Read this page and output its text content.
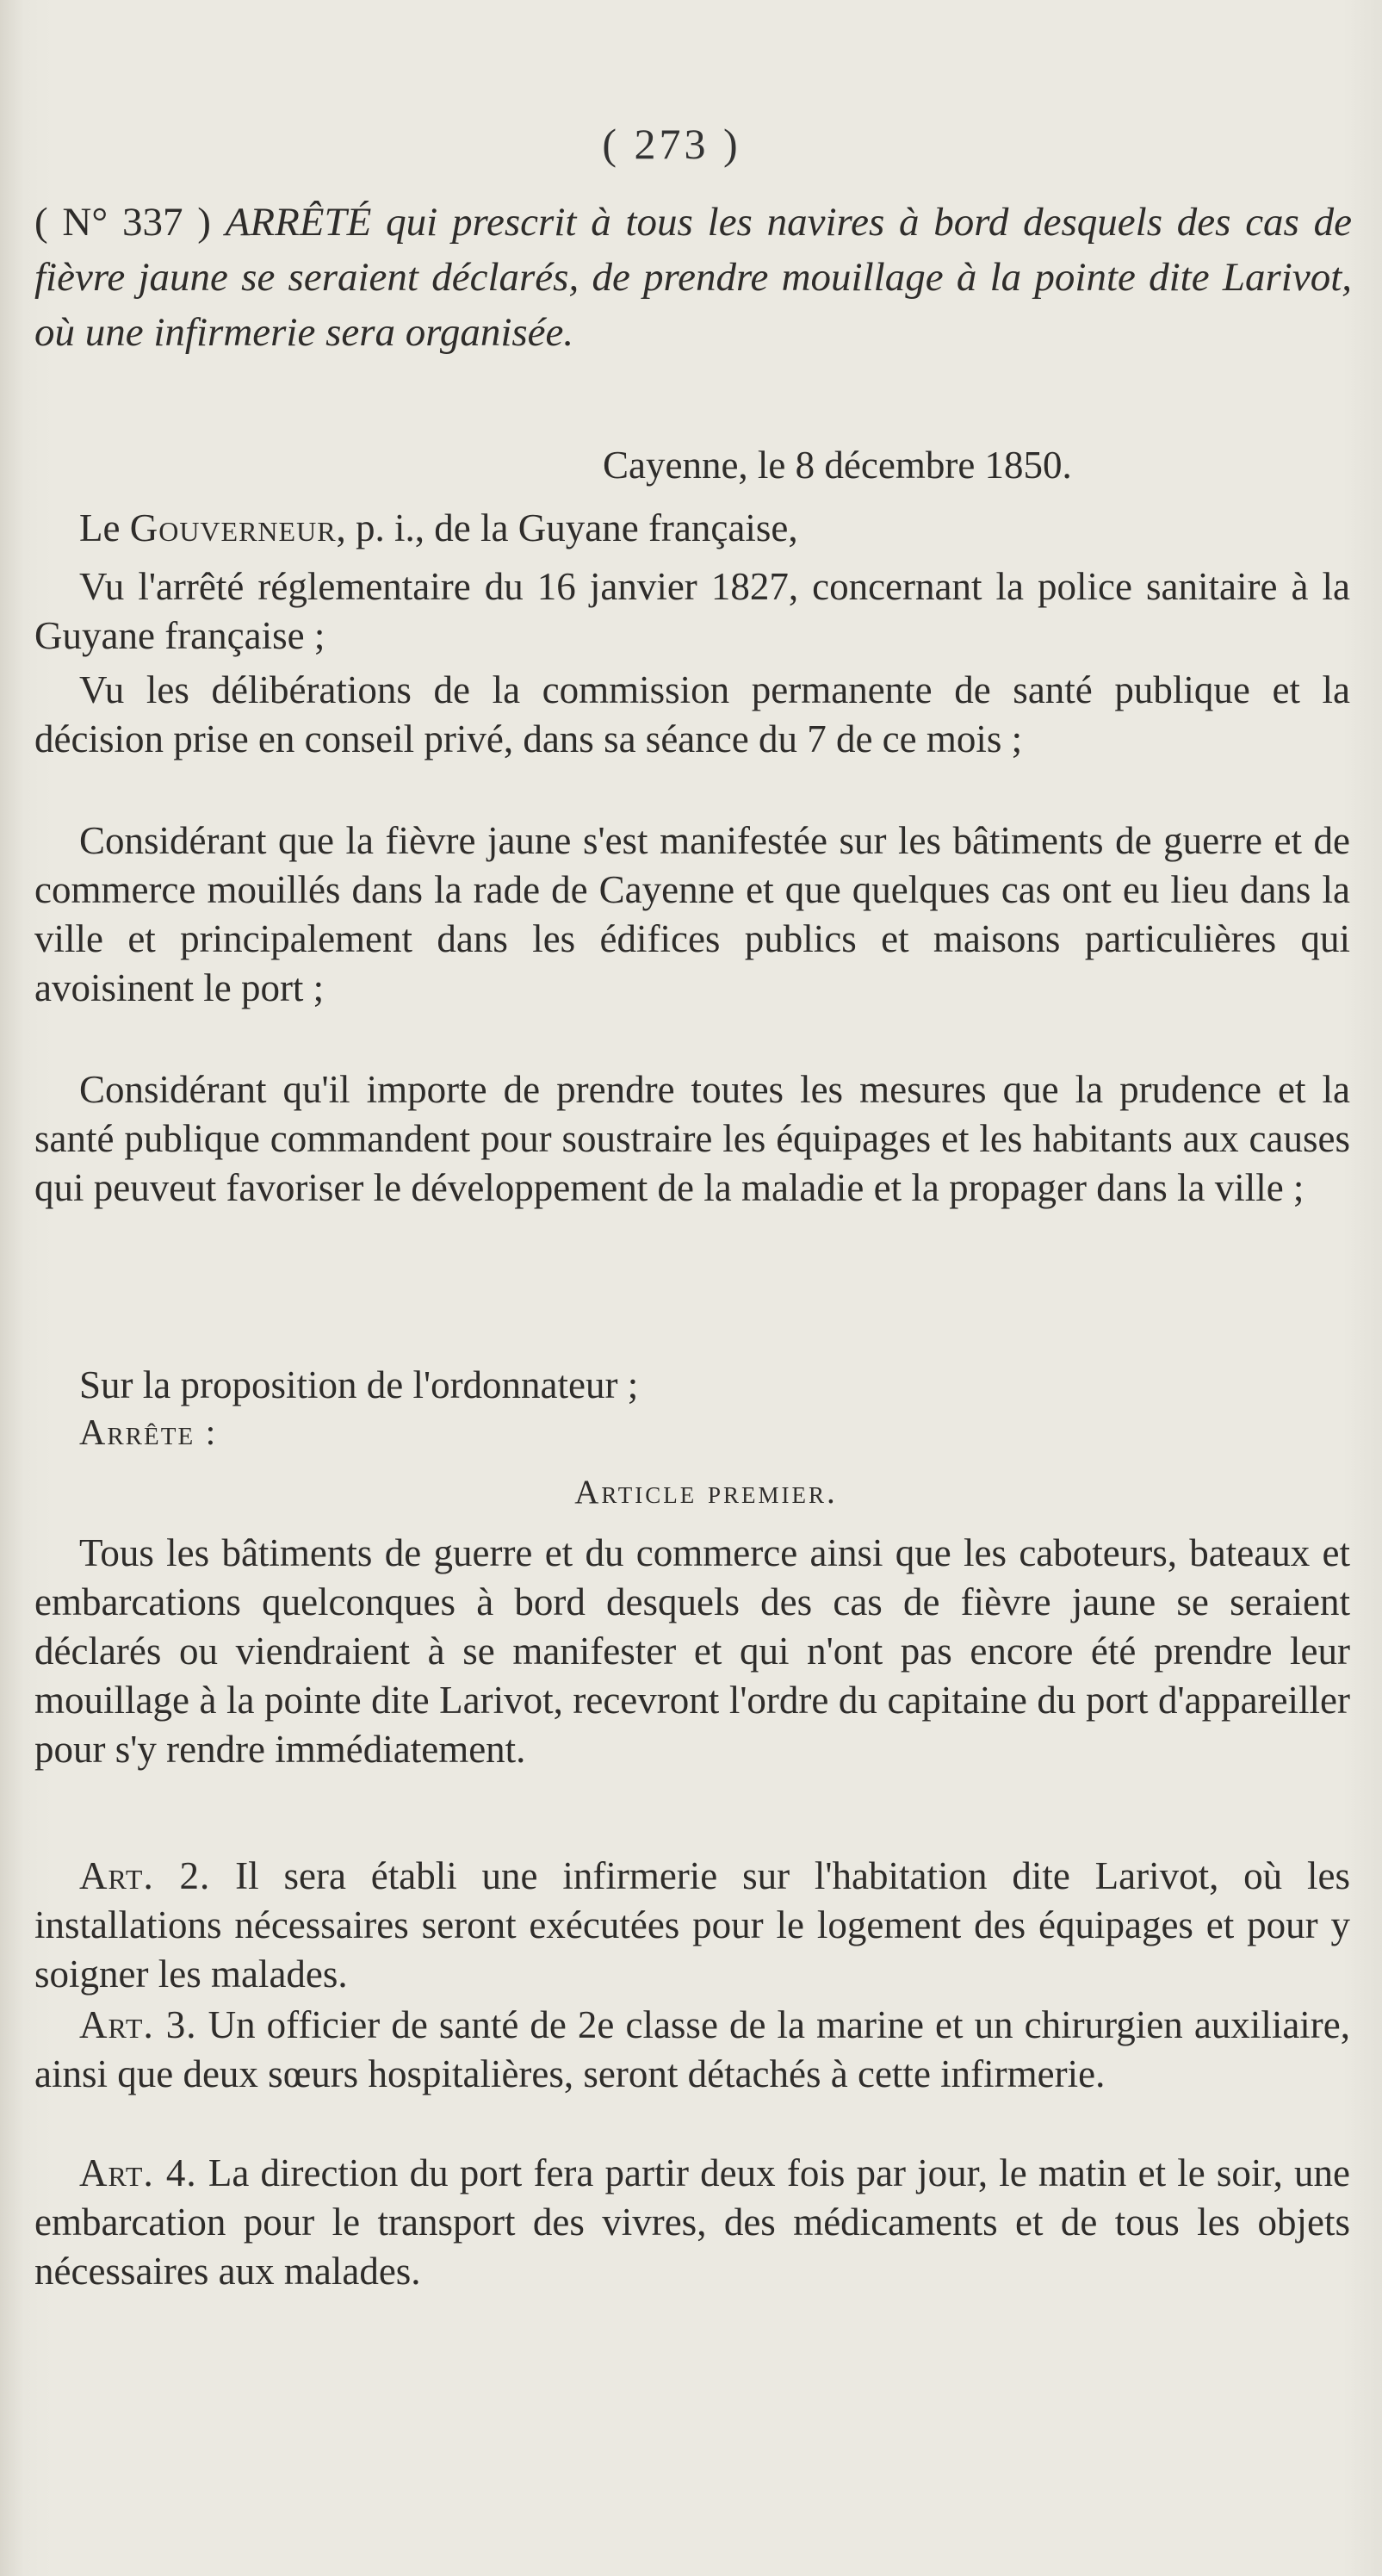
( 273 )
( N° 337 ) ARRÊTÉ qui prescrit à tous les navires à bord desquels des cas de fièvre jaune se seraient déclarés, de prendre mouillage à la pointe dite Larivot, où une infirmerie sera organisée.
Cayenne, le 8 décembre 1850.
Le Gouverneur, p. i., de la Guyane française,
Vu l'arrêté réglementaire du 16 janvier 1827, concernant la police sanitaire à la Guyane française ;
Vu les délibérations de la commission permanente de santé publique et la décision prise en conseil privé, dans sa séance du 7 de ce mois ;
Considérant que la fièvre jaune s'est manifestée sur les bâtiments de guerre et de commerce mouillés dans la rade de Cayenne et que quelques cas ont eu lieu dans la ville et principalement dans les édifices publics et maisons particulières qui avoisinent le port ;
Considérant qu'il importe de prendre toutes les mesures que la prudence et la santé publique commandent pour soustraire les équipages et les habitants aux causes qui peuveut favoriser le développement de la maladie et la propager dans la ville ;
Sur la proposition de l'ordonnateur ;
Arrête :
Article premier.
Tous les bâtiments de guerre et du commerce ainsi que les caboteurs, bateaux et embarcations quelconques à bord desquels des cas de fièvre jaune se seraient déclarés ou viendraient à se manifester et qui n'ont pas encore été prendre leur mouillage à la pointe dite Larivot, recevront l'ordre du capitaine du port d'appareiller pour s'y rendre immédiatement.
Art. 2. Il sera établi une infirmerie sur l'habitation dite Larivot, où les installations nécessaires seront exécutées pour le logement des équipages et pour y soigner les malades.
Art. 3. Un officier de santé de 2e classe de la marine et un chirurgien auxiliaire, ainsi que deux sœurs hospitalières, seront détachés à cette infirmerie.
Art. 4. La direction du port fera partir deux fois par jour, le matin et le soir, une embarcation pour le transport des vivres, des médicaments et de tous les objets nécessaires aux malades.
